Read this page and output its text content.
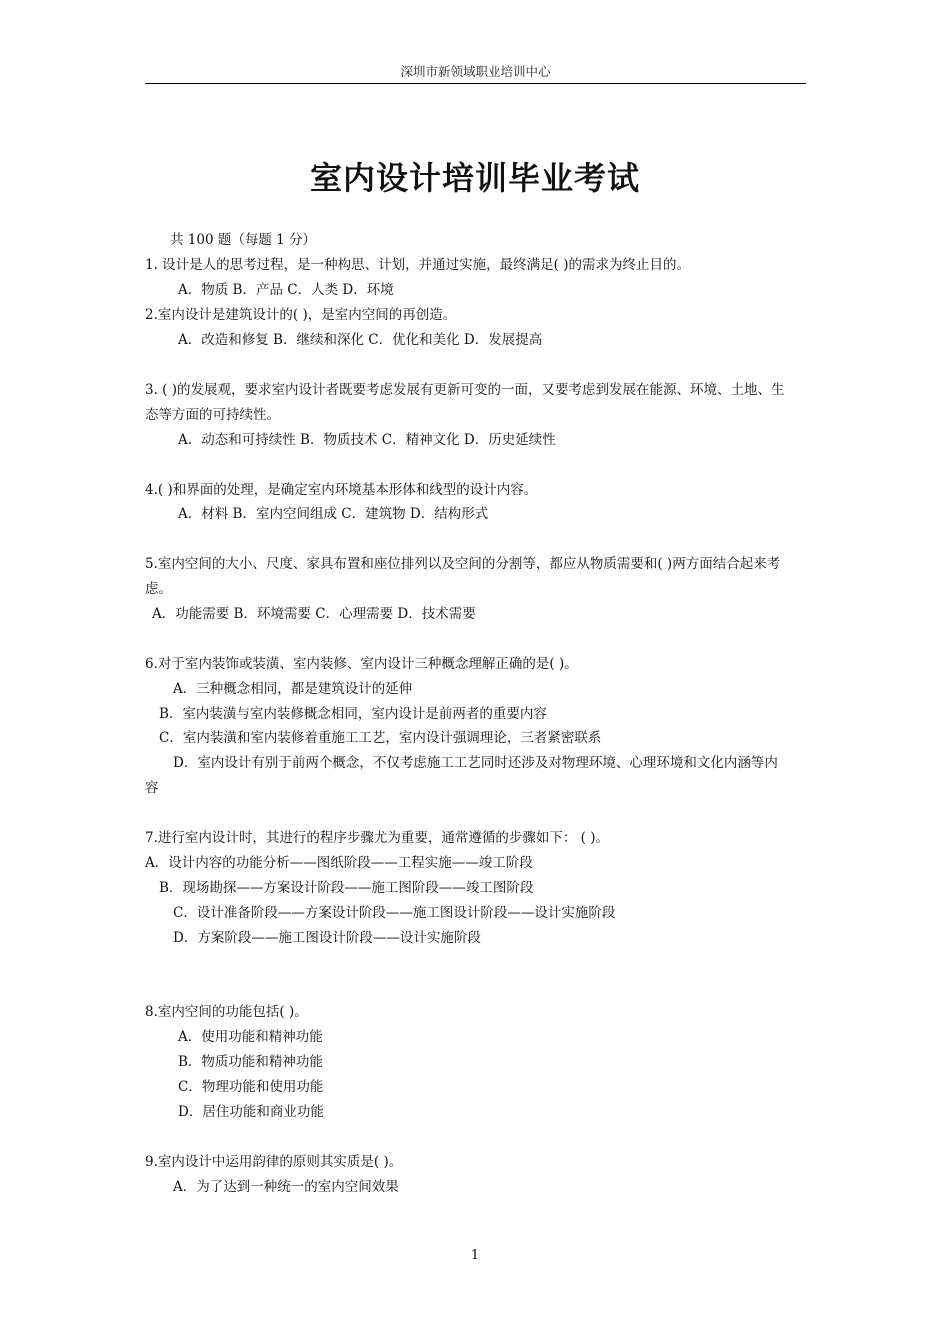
深圳市新领域职业培训中心
室内设计培训毕业考试
共 100 题（每题 1 分）
1. 设计是人的思考过程，是一种构思、计划，并通过实施，最终满足( )的需求为终止目的。
A．物质 B．产品 C．人类 D．环境
2.室内设计是建筑设计的( )，是室内空间的再创造。
A．改造和修复 B．继续和深化 C．优化和美化 D．发展提高
3. ( )的发展观，要求室内设计者既要考虑发展有更新可变的一面，又要考虑到发展在能源、环境、土地、生
态等方面的可持续性。
A．动态和可持续性 B．物质技术 C．精神文化 D．历史延续性
4.( )和界面的处理，是确定室内环境基本形体和线型的设计内容。
A．材料 B．室内空间组成 C．建筑物 D．结构形式
5.室内空间的大小、尺度、家具布置和座位排列以及空间的分割等，都应从物质需要和( )两方面结合起来考
虑。
A．功能需要 B．环境需要 C．心理需要 D．技术需要
6.对于室内装饰或装潢、室内装修、室内设计三种概念理解正确的是( )。
A．三种概念相同，都是建筑设计的延伸
B．室内装潢与室内装修概念相同，室内设计是前两者的重要内容
C．室内装潢和室内装修着重施工工艺，室内设计强调理论，三者紧密联系
D．室内设计有别于前两个概念，不仅考虑施工工艺同时还涉及对物理环境、心理环境和文化内涵等内
容
7.进行室内设计时，其进行的程序步骤尤为重要，通常遵循的步骤如下： ( )。
A．设计内容的功能分析——图纸阶段——工程实施——竣工阶段
B．现场勘探——方案设计阶段——施工图阶段——竣工图阶段
C．设计准备阶段——方案设计阶段——施工图设计阶段——设计实施阶段
D．方案阶段——施工图设计阶段——设计实施阶段
8.室内空间的功能包括( )。
A．使用功能和精神功能
B．物质功能和精神功能
C．物理功能和使用功能
D．居住功能和商业功能
9.室内设计中运用韵律的原则其实质是( )。
A．为了达到一种统一的室内空间效果
1
